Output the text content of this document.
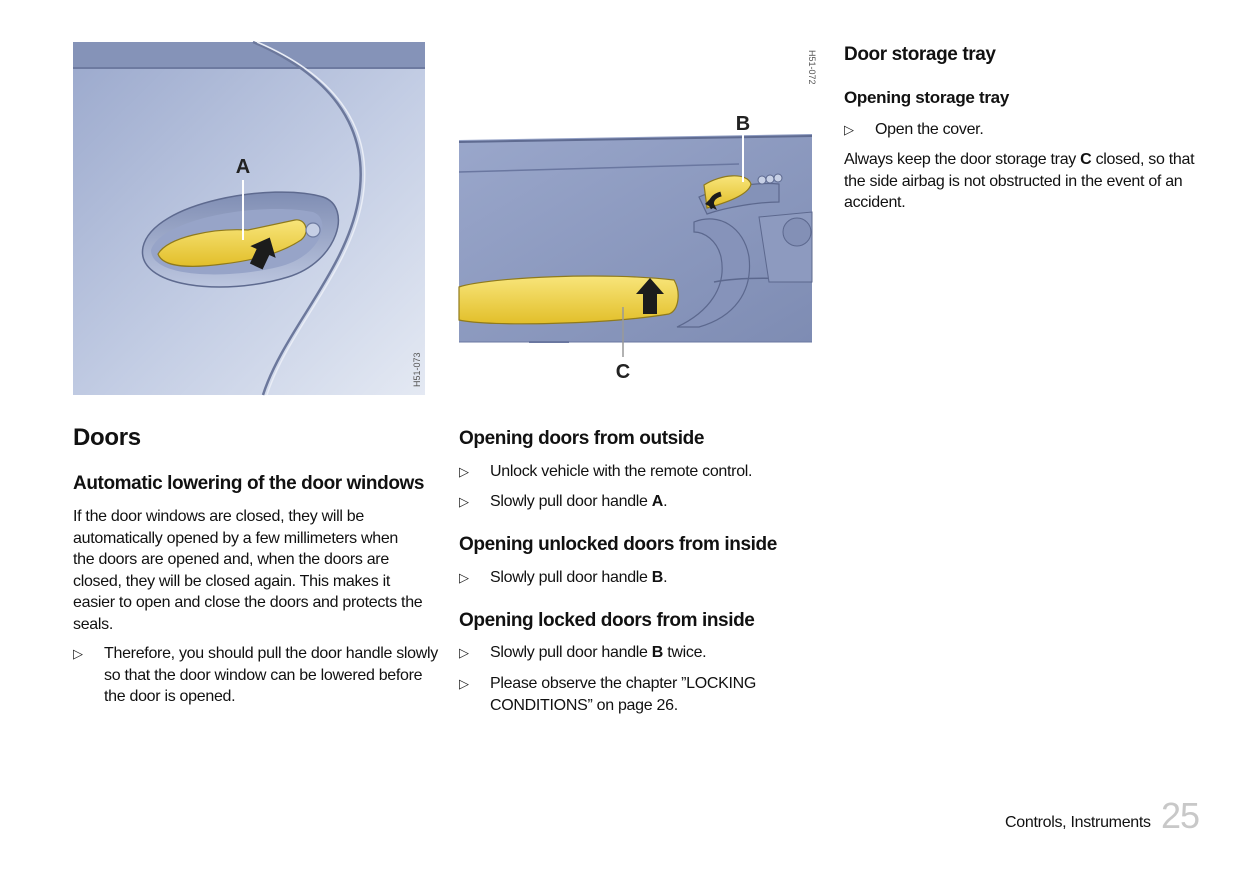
A
H51-073
B
C
H51-072
Doors
Automatic lowering of the door windows

If the door windows are closed, they will be automatically opened by a few millimeters when the doors are opened and, when the doors are closed, they will be closed again. This makes it easier to open and close the doors and protects the seals.

▷ Therefore, you should pull the door handle slowly so that the door window can be lowered before the door is opened.
Opening doors from outside
▷ Unlock vehicle with the remote control.
▷ Slowly pull door handle A.
Opening unlocked doors from inside
▷ Slowly pull door handle B.
Opening locked doors from inside
▷ Slowly pull door handle B twice.
▷ Please observe the chapter ”LOCKING CONDITIONS” on page 26.
Door storage tray
Opening storage tray
▷ Open the cover.

Always keep the door storage tray C closed, so that the side airbag is not obstructed in the event of an accident.

Controls, Instruments 25
